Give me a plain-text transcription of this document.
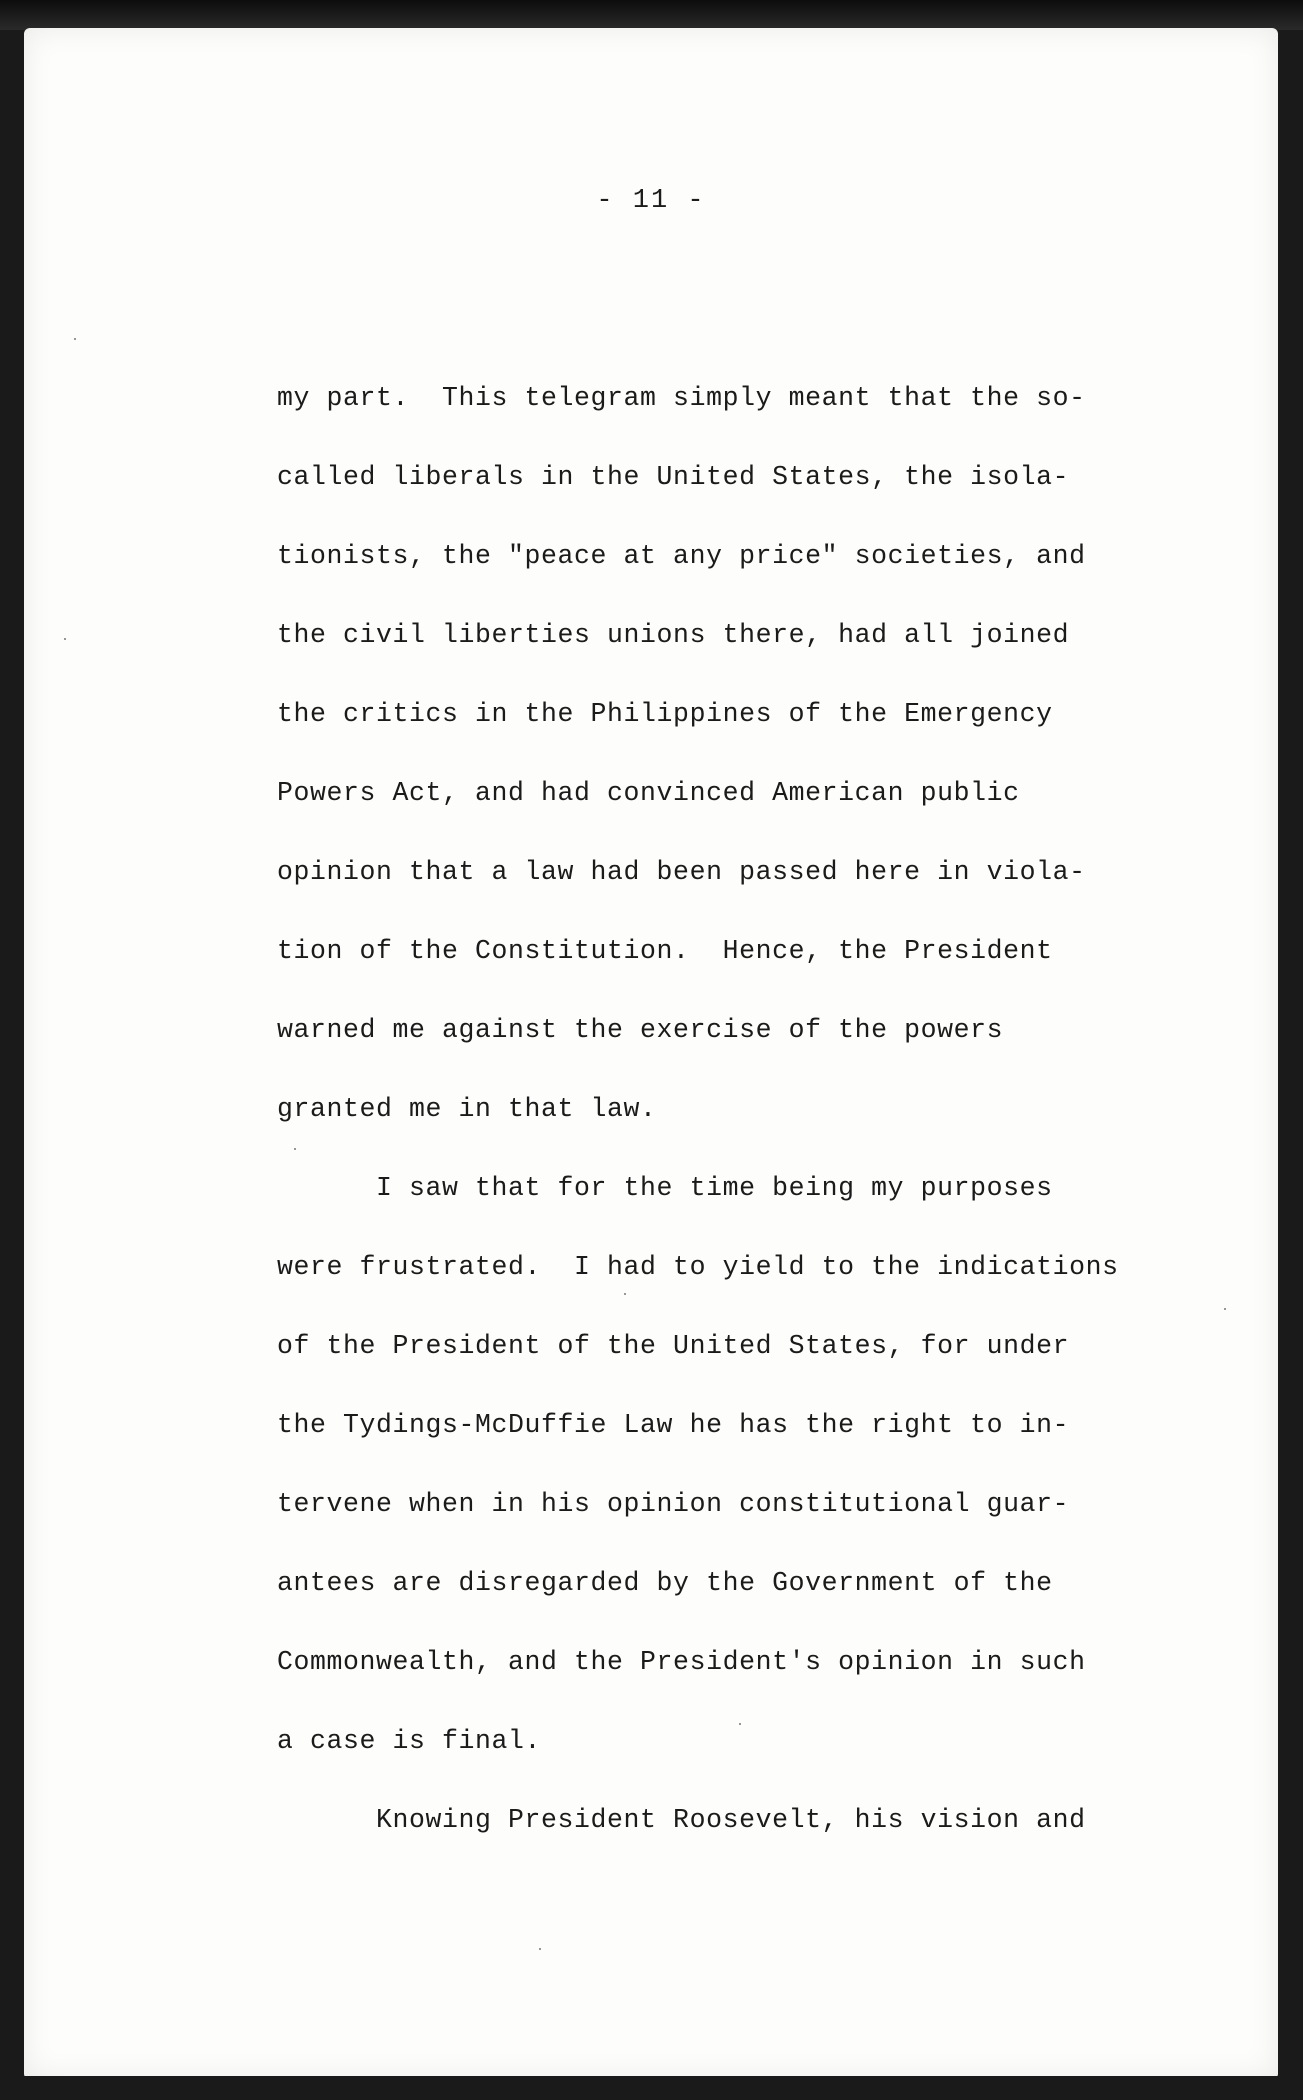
- 11 -
my part.  This telegram simply meant that the so-
called liberals in the United States, the isola-
tionists, the "peace at any price" societies, and
the civil liberties unions there, had all joined
the critics in the Philippines of the Emergency
Powers Act, and had convinced American public
opinion that a law had been passed here in viola-
tion of the Constitution.  Hence, the President
warned me against the exercise of the powers
granted me in that law.
I saw that for the time being my purposes
were frustrated.  I had to yield to the indications
of the President of the United States, for under
the Tydings-McDuffie Law he has the right to in-
tervene when in his opinion constitutional guar-
antees are disregarded by the Government of the
Commonwealth, and the President's opinion in such
a case is final.
Knowing President Roosevelt, his vision and
